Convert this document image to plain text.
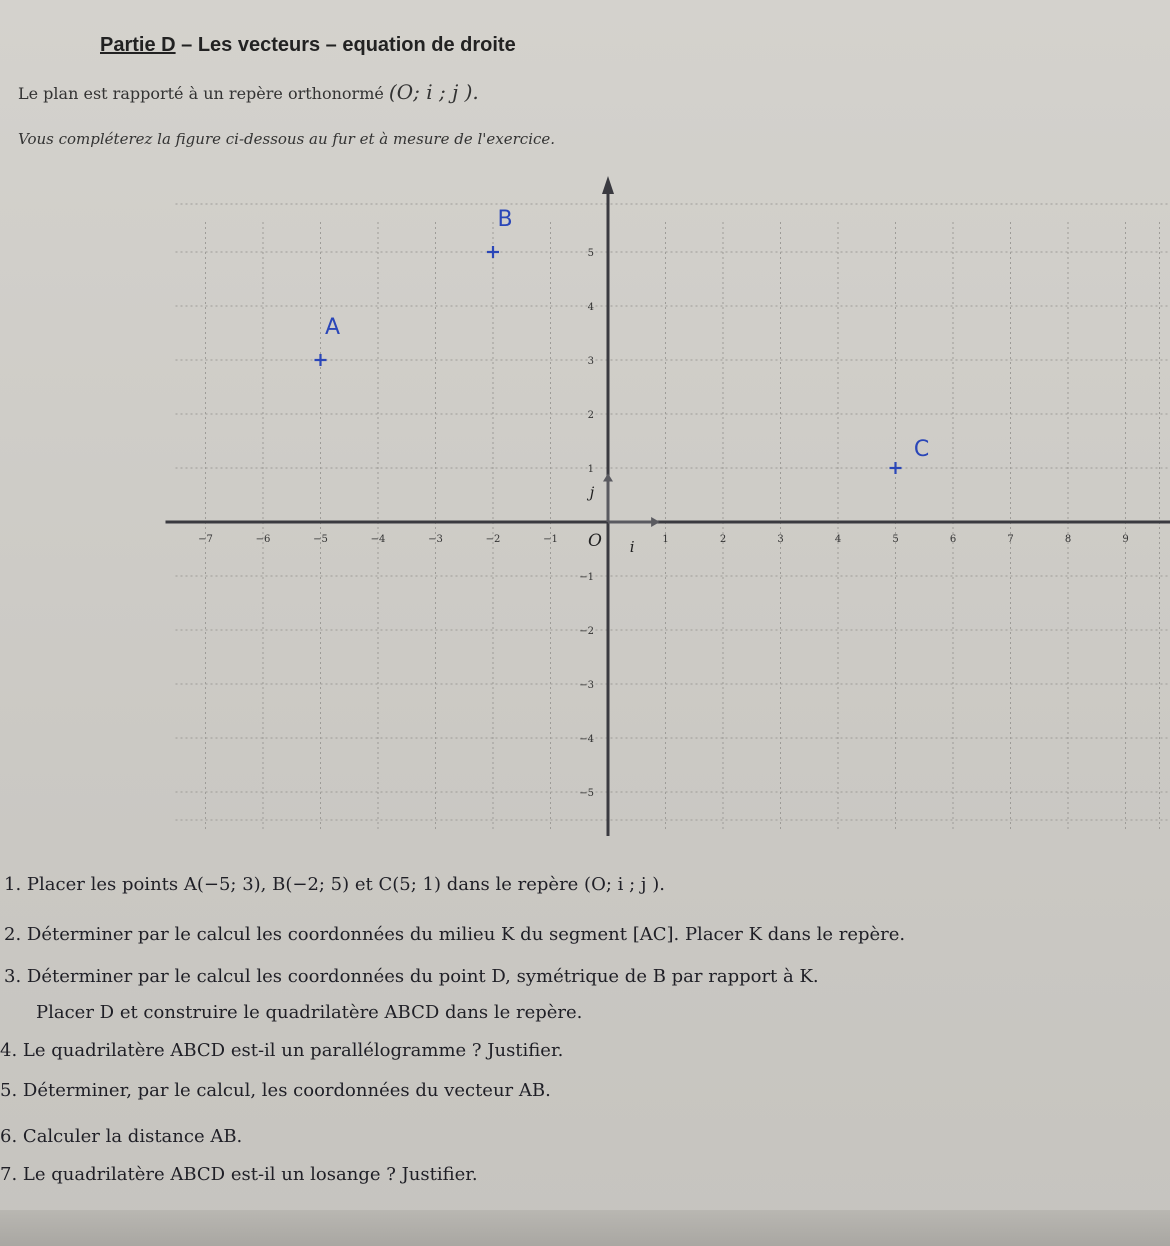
Partie D – Les vecteurs – equation de droite
Le plan est rapporté à un repère orthonormé (O; i ; j ).
Vous compléterez la figure ci-dessous au fur et à mesure de l'exercice.
−7	−6	−5	−4	−3	−2	−1	1	2	3	4	5	6	7	8	9
5
4
3
2
1
−1
−2
−3
−4
−5
O i
j
A
B
C
1. Placer les points A(−5; 3), B(−2; 5) et C(5; 1) dans le repère (O; i ; j ).
2. Déterminer par le calcul les coordonnées du milieu K du segment [AC]. Placer K dans le repère.
3. Déterminer par le calcul les coordonnées du point D, symétrique de B par rapport à K.
Placer D et construire le quadrilatère ABCD dans le repère.
4. Le quadrilatère ABCD est-il un parallélogramme ? Justifier.
5. Déterminer, par le calcul, les coordonnées du vecteur AB.
6. Calculer la distance AB.
7. Le quadrilatère ABCD est-il un losange ? Justifier.
